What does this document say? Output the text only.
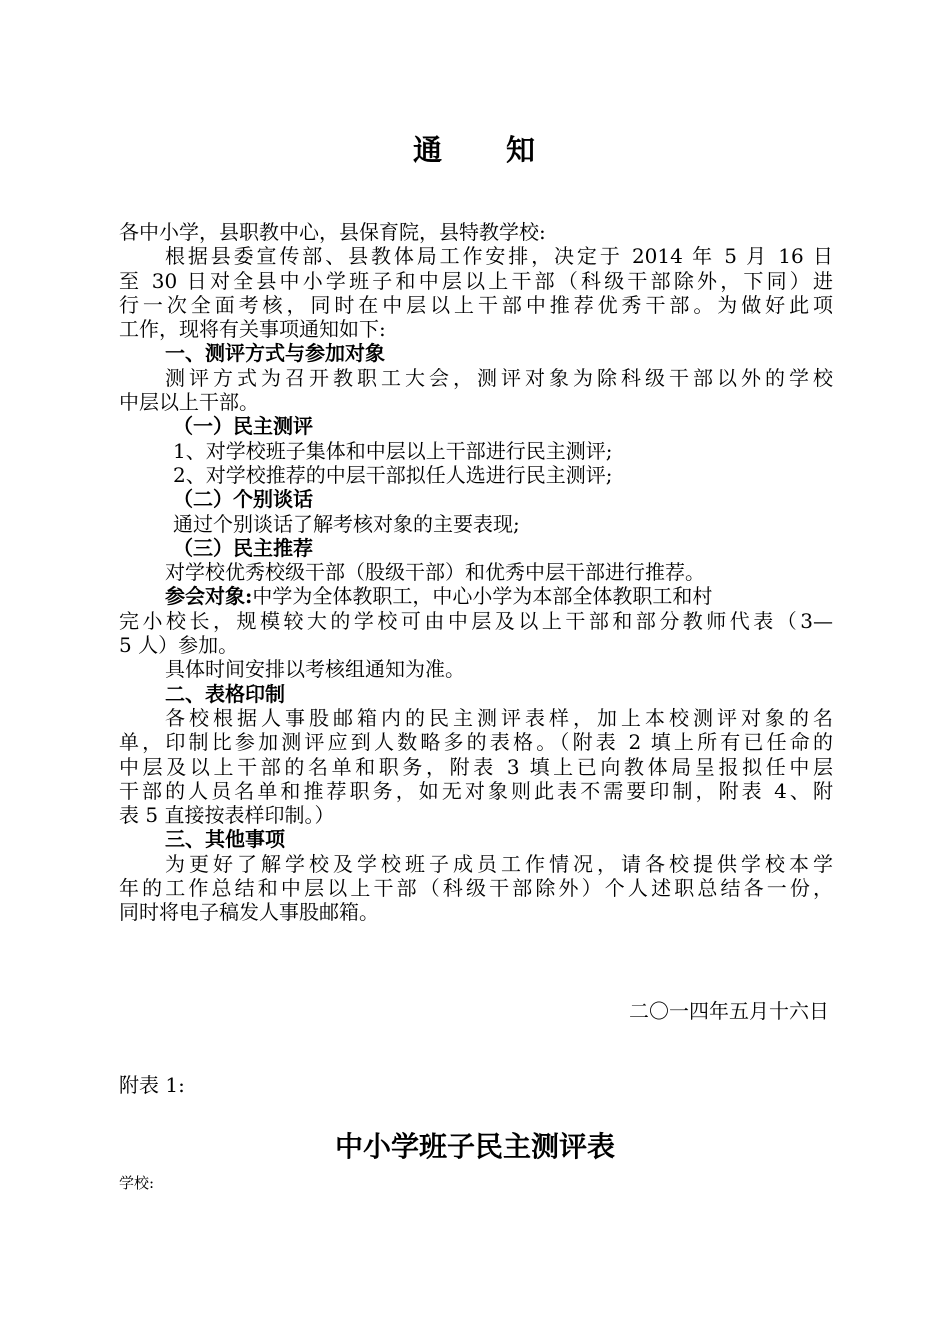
通　　知
各中小学，县职教中心，县保育院，县特教学校:
根据县委宣传部、县教体局工作安排，决定于 2014 年 5 月 16 日
至 30 日对全县中小学班子和中层以上干部（科级干部除外，下同）进
行一次全面考核，同时在中层以上干部中推荐优秀干部。为做好此项
工作，现将有关事项通知如下:
一、测评方式与参加对象
测评方式为召开教职工大会，测评对象为除科级干部以外的学校
中层以上干部。
（一）民主测评
1、对学校班子集体和中层以上干部进行民主测评;
2、对学校推荐的中层干部拟任人选进行民主测评;
（二）个别谈话
通过个别谈话了解考核对象的主要表现;
（三）民主推荐
对学校优秀校级干部（股级干部）和优秀中层干部进行推荐。
参会对象:中学为全体教职工，中心小学为本部全体教职工和村
完小校长，规模较大的学校可由中层及以上干部和部分教师代表（3—
5 人）参加。
具体时间安排以考核组通知为准。
二、表格印制
各校根据人事股邮箱内的民主测评表样，加上本校测评对象的名
单，印制比参加测评应到人数略多的表格。（附表 2 填上所有已任命的
中层及以上干部的名单和职务，附表 3 填上已向教体局呈报拟任中层
干部的人员名单和推荐职务，如无对象则此表不需要印制，附表 4、附
表 5 直接按表样印制。）
三、其他事项
为更好了解学校及学校班子成员工作情况，请各校提供学校本学
年的工作总结和中层以上干部（科级干部除外）个人述职总结各一份，
同时将电子稿发人事股邮箱。
二〇一四年五月十六日
附表 1:
中小学班子民主测评表
学校:
